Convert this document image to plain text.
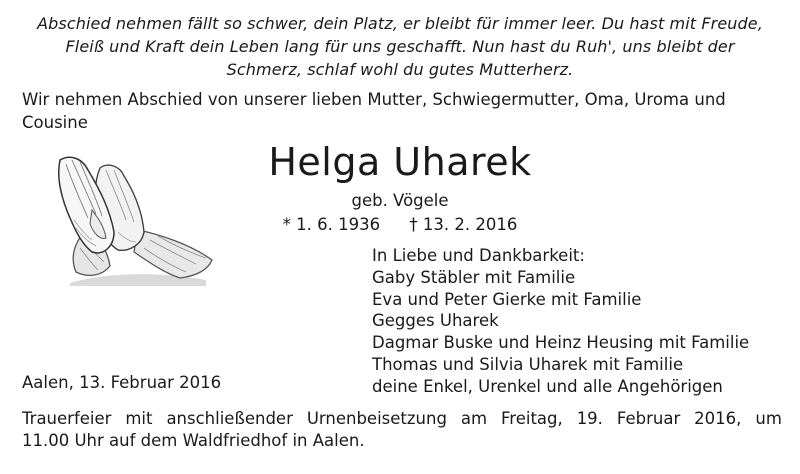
Abschied nehmen fällt so schwer, dein Platz, er bleibt für immer leer. Du hast mit Freude,
Fleiß und Kraft dein Leben lang für uns geschafft. Nun hast du Ruh', uns bleibt der
Schmerz, schlaf wohl du gutes Mutterherz.
Wir nehmen Abschied von unserer lieben Mutter, Schwiegermutter, Oma, Uroma und
Cousine
Helga Uharek
geb. Vögele
* 1. 6. 1936 † 13. 2. 2016
In Liebe und Dankbarkeit:
Gaby Stäbler mit Familie
Eva und Peter Gierke mit Familie
Gegges Uharek
Dagmar Buske und Heinz Heusing mit Familie
Thomas und Silvia Uharek mit Familie
deine Enkel, Urenkel und alle Angehörigen
Aalen, 13. Februar 2016
Trauerfeier mit anschließender Urnenbeisetzung am Freitag, 19. Februar 2016, um
11.00 Uhr auf dem Waldfriedhof in Aalen.
